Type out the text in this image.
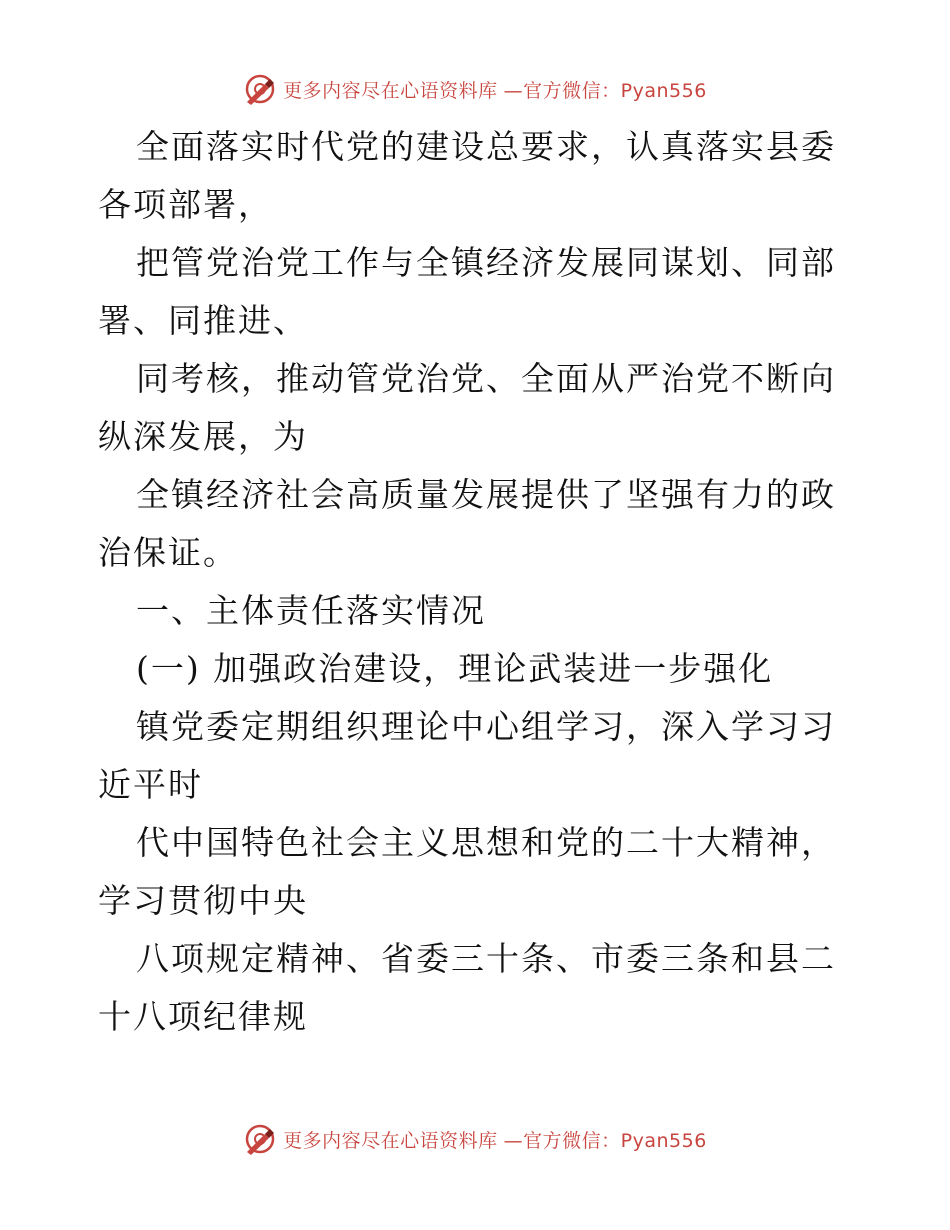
更多内容尽在心语资料库 —官方微信：Pyan556

全面落实时代党的建设总要求，认真落实县委各项部署，

把管党治党工作与全镇经济发展同谋划、同部署、同推进、

同考核，推动管党治党、全面从严治党不断向纵深发展，为

全镇经济社会高质量发展提供了坚强有力的政治保证。

一、主体责任落实情况

(一) 加强政治建设，理论武装进一步强化

镇党委定期组织理论中心组学习，深入学习习近平时

代中国特色社会主义思想和党的二十大精神，学习贯彻中央

八项规定精神、省委三十条、市委三条和县二十八项纪律规

更多内容尽在心语资料库 —官方微信：Pyan556
